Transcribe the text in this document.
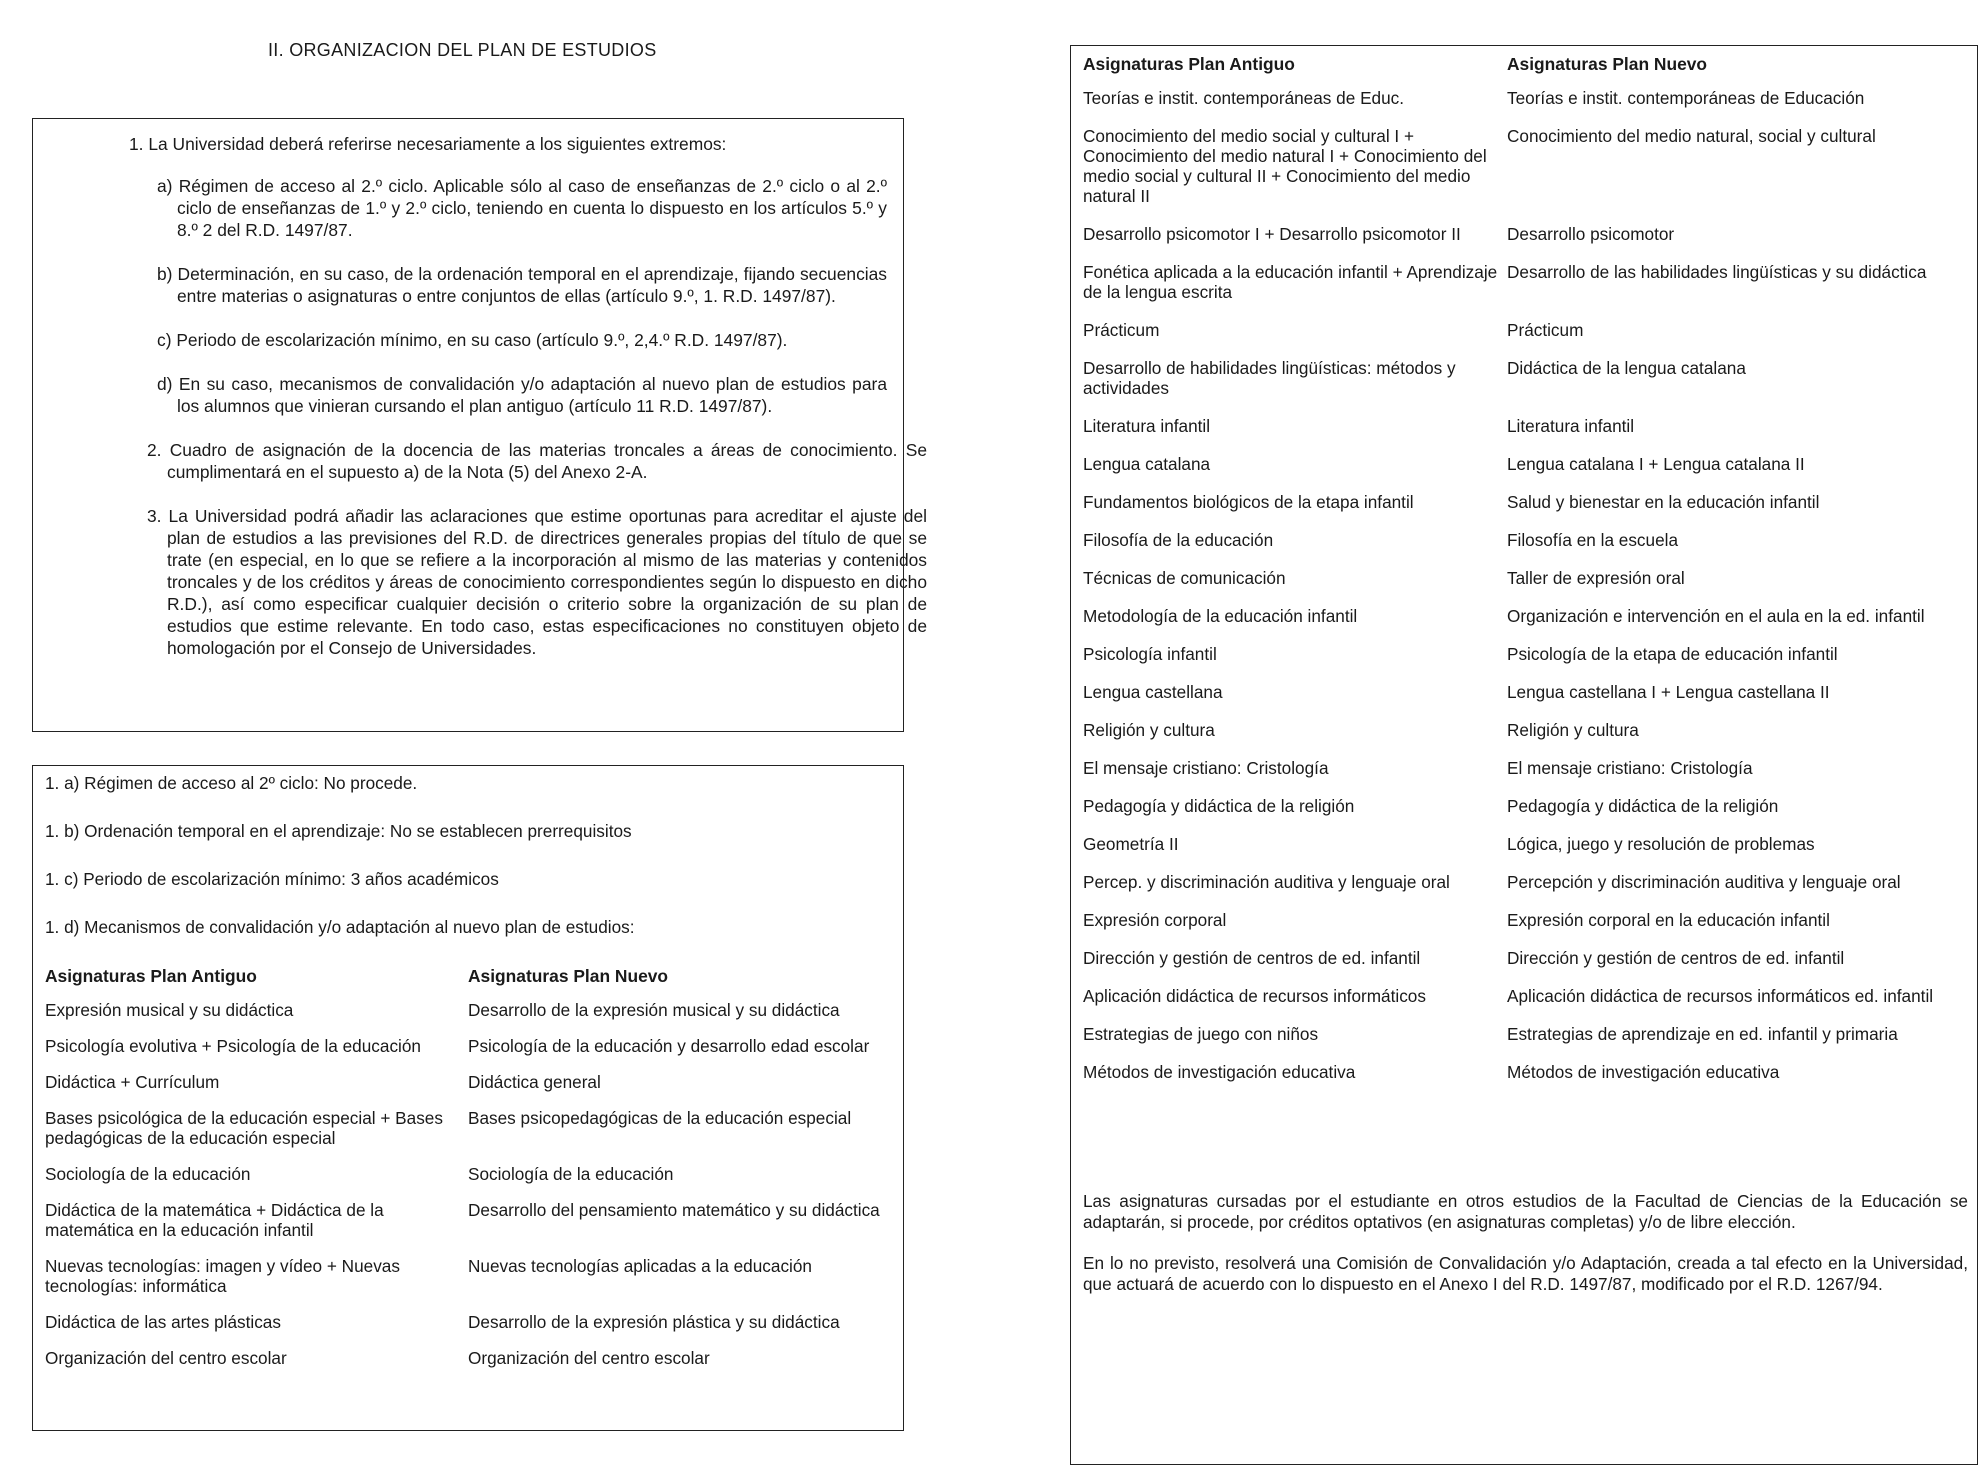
II. ORGANIZACION DEL PLAN DE ESTUDIOS
1. La Universidad deberá referirse necesariamente a los siguientes extremos:
a) Régimen de acceso al 2.º ciclo. Aplicable sólo al caso de enseñanzas de 2.º ciclo o al 2.º ciclo de enseñanzas de 1.º y 2.º ciclo, teniendo en cuenta lo dispuesto en los artículos 5.º y 8.º 2 del R.D. 1497/87.
b) Determinación, en su caso, de la ordenación temporal en el aprendizaje, fijando secuencias entre materias o asignaturas o entre conjuntos de ellas (artículo 9.º, 1. R.D. 1497/87).
c) Periodo de escolarización mínimo, en su caso (artículo 9.º, 2,4.º R.D. 1497/87).
d) En su caso, mecanismos de convalidación y/o adaptación al nuevo plan de estudios para los alumnos que vinieran cursando el plan antiguo (artículo 11 R.D. 1497/87).
2. Cuadro de asignación de la docencia de las materias troncales a áreas de conocimiento. Se cumplimentará en el supuesto a) de la Nota (5) del Anexo 2-A.
3. La Universidad podrá añadir las aclaraciones que estime oportunas para acreditar el ajuste del plan de estudios a las previsiones del R.D. de directrices generales propias del título de que se trate (en especial, en lo que se refiere a la incorporación al mismo de las materias y contenidos troncales y de los créditos y áreas de conocimiento correspondientes según lo dispuesto en dicho R.D.), así como especificar cualquier decisión o criterio sobre la organización de su plan de estudios que estime relevante. En todo caso, estas especificaciones no constituyen objeto de homologación por el Consejo de Universidades.
1. a) Régimen de acceso al 2º ciclo: No procede.
1. b) Ordenación temporal en el aprendizaje: No se establecen prerrequisitos
1. c) Periodo de escolarización mínimo: 3 años académicos
1. d) Mecanismos de convalidación y/o adaptación al nuevo plan de estudios:
Asignaturas Plan Antiguo	Asignaturas Plan Nuevo
Expresión musical y su didáctica	Desarrollo de la expresión musical y su didáctica
Psicología evolutiva + Psicología de la educación	Psicología de la educación y desarrollo edad escolar
Didáctica + Currículum	Didáctica general
Bases psicológica de la educación especial + Bases pedagógicas de la educación especial	Bases psicopedagógicas de la educación especial
Sociología de la educación	Sociología de la educación
Didáctica de la matemática + Didáctica de la matemática en la educación infantil	Desarrollo del pensamiento matemático y su didáctica
Nuevas tecnologías: imagen y vídeo + Nuevas tecnologías: informática	Nuevas tecnologías aplicadas a la educación
Didáctica de las artes plásticas	Desarrollo de la expresión plástica y su didáctica
Organización del centro escolar	Organización del centro escolar
Asignaturas Plan Antiguo	Asignaturas Plan Nuevo
Teorías e instit. contemporáneas de Educ.	Teorías e instit. contemporáneas de Educación
Conocimiento del medio social y cultural I + Conocimiento del medio natural I + Conocimiento del medio social y cultural II + Conocimiento del medio natural II	Conocimiento del medio natural, social y cultural
Desarrollo psicomotor I + Desarrollo psicomotor II	Desarrollo psicomotor
Fonética aplicada a la educación infantil + Aprendizaje de la lengua escrita	Desarrollo de las habilidades lingüísticas y su didáctica
Prácticum	Prácticum
Desarrollo de habilidades lingüísticas: métodos y actividades	Didáctica de la lengua catalana
Literatura infantil	Literatura infantil
Lengua catalana	Lengua catalana I + Lengua catalana II
Fundamentos biológicos de la etapa infantil	Salud y bienestar en la educación infantil
Filosofía de la educación	Filosofía en la escuela
Técnicas de comunicación	Taller de expresión oral
Metodología de la educación infantil	Organización e intervención en el aula en la ed. infantil
Psicología infantil	Psicología de la etapa de educación infantil
Lengua castellana	Lengua castellana I + Lengua castellana II
Religión y cultura	Religión y cultura
El mensaje cristiano: Cristología	El mensaje cristiano: Cristología
Pedagogía y didáctica de la religión	Pedagogía y didáctica de la religión
Geometría II	Lógica, juego y resolución de problemas
Percep. y discriminación auditiva y lenguaje oral	Percepción y discriminación auditiva y lenguaje oral
Expresión corporal	Expresión corporal en la educación infantil
Dirección y gestión de centros de ed. infantil	Dirección y gestión de centros de ed. infantil
Aplicación didáctica de recursos informáticos	Aplicación didáctica de recursos informáticos ed. infantil
Estrategias de juego con niños	Estrategias de aprendizaje en ed. infantil y primaria
Métodos de investigación educativa	Métodos de investigación educativa

Las asignaturas cursadas por el estudiante en otros estudios de la Facultad de Ciencias de la Educación se adaptarán, si procede, por créditos optativos (en asignaturas completas) y/o de libre elección.

En lo no previsto, resolverá una Comisión de Convalidación y/o Adaptación, creada a tal efecto en la Universidad, que actuará de acuerdo con lo dispuesto en el Anexo I del R.D. 1497/87, modificado por el R.D. 1267/94.
